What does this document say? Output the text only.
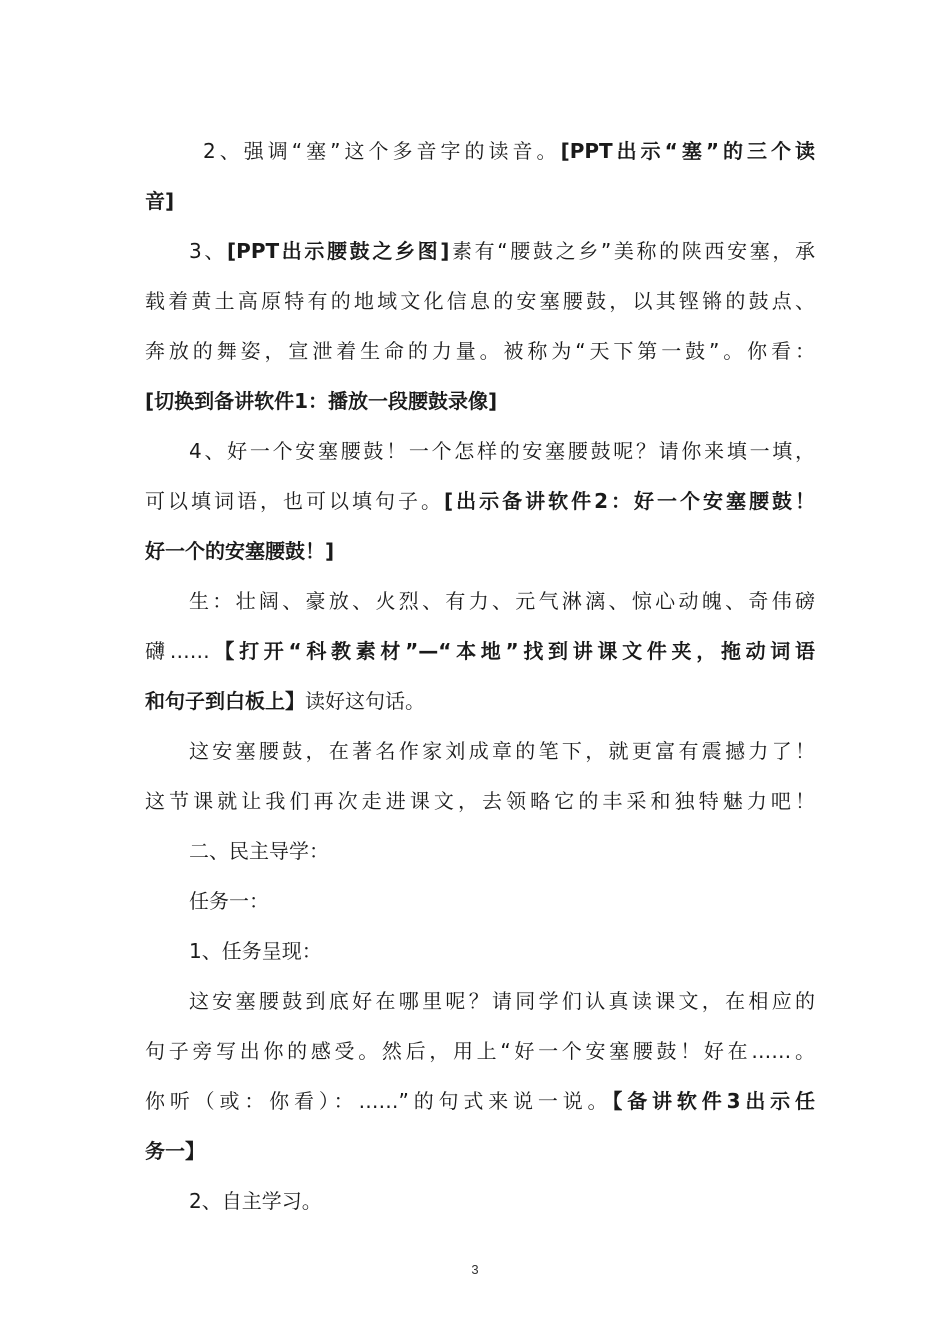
2、强调“塞”这个多音字的读音。[PPT出示“塞”的三个读
音]
3、[PPT出示腰鼓之乡图]素有“腰鼓之乡”美称的陕西安塞，承
载着黄土高原特有的地域文化信息的安塞腰鼓，以其铿锵的鼓点、
奔放的舞姿，宣泄着生命的力量。被称为“天下第一鼓”。你看：
[切换到备讲软件1：播放一段腰鼓录像]
4、好一个安塞腰鼓！一个怎样的安塞腰鼓呢？请你来填一填，
可以填词语，也可以填句子。[出示备讲软件2：好一个安塞腰鼓！
好一个的安塞腰鼓！]
生：壮阔、豪放、火烈、有力、元气淋漓、惊心动魄、奇伟磅
礴……【打开“科教素材”—“本地”找到讲课文件夹，拖动词语
和句子到白板上】读好这句话。
这安塞腰鼓，在著名作家刘成章的笔下，就更富有震撼力了！
这节课就让我们再次走进课文，去领略它的丰采和独特魅力吧！
二、民主导学：
任务一：
1、任务呈现：
这安塞腰鼓到底好在哪里呢？请同学们认真读课文，在相应的
句子旁写出你的感受。然后，用上“好一个安塞腰鼓！好在……。
你听（或：你看）：……”的句式来说一说。【备讲软件3出示任
务一】
2、自主学习。
3
